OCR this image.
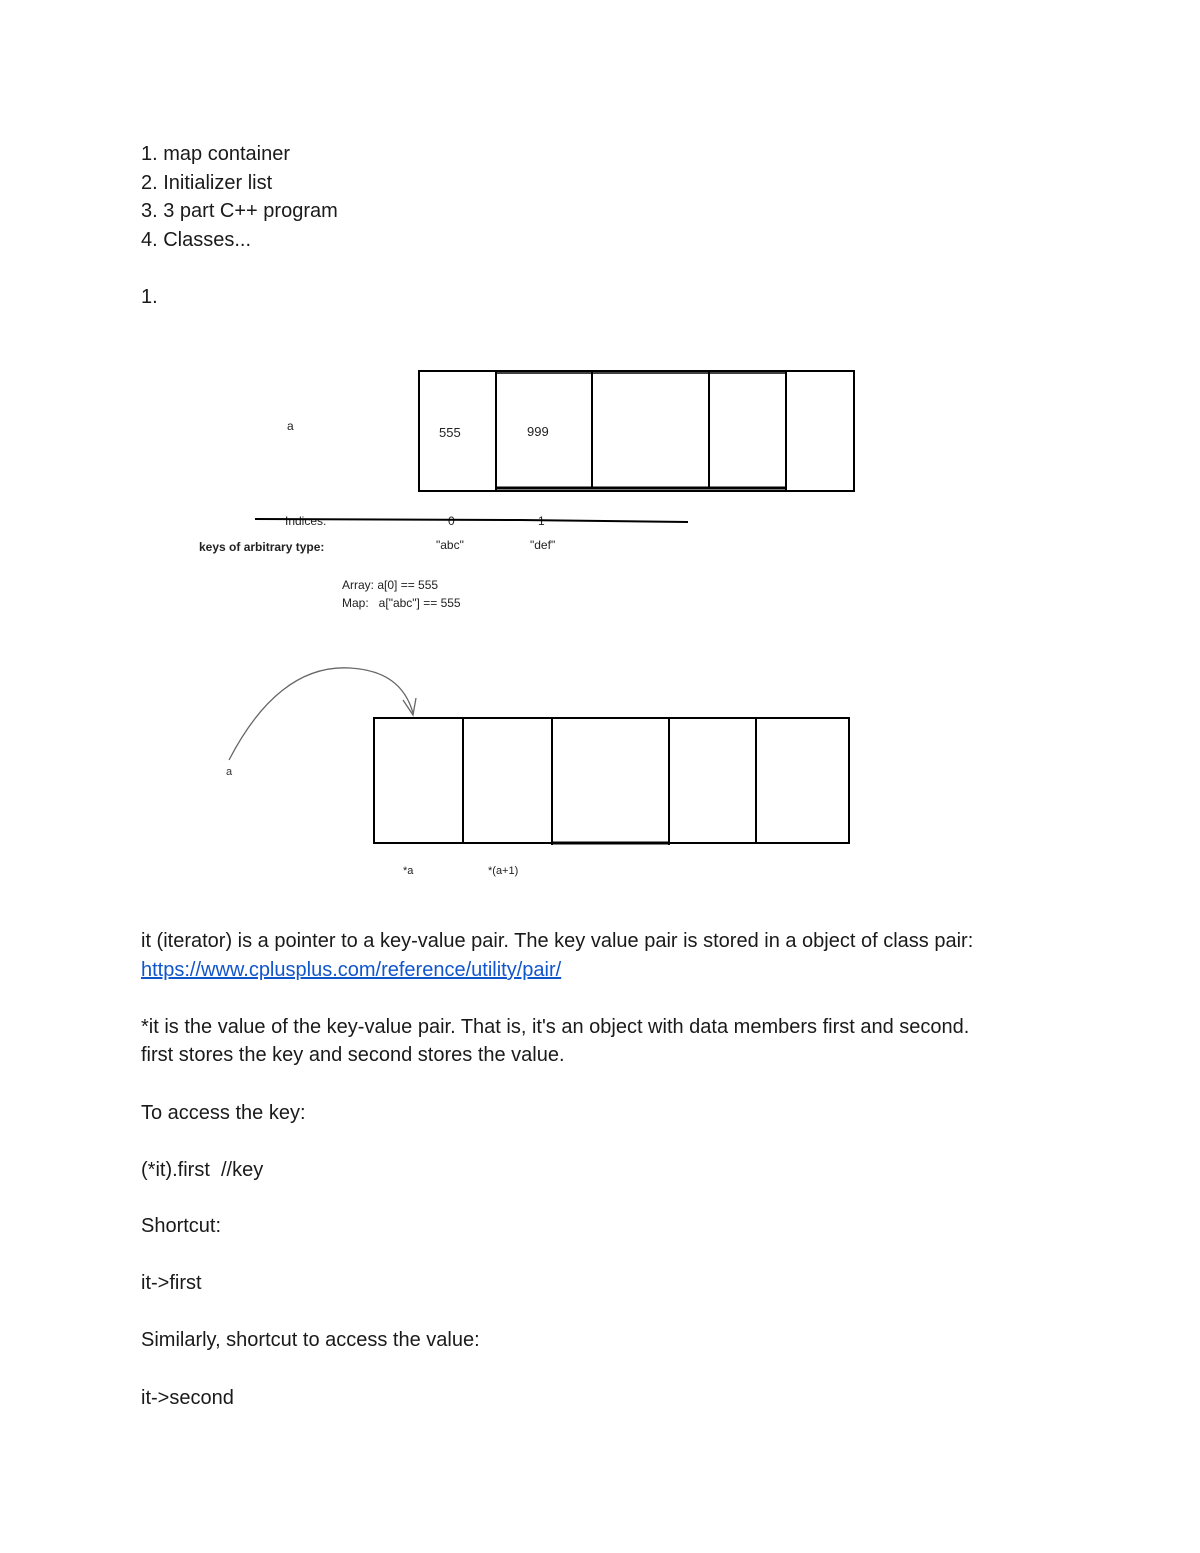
1. map container
2. Initializer list
3. 3 part C++ program
4. Classes...
1.
a	555	999
Indices:	0	1
keys of arbitrary type:	"abc"	"def"
Array: a[0] == 555
Map:   a["abc"] == 555
a
*a	*(a+1)
it (iterator) is a pointer to a key-value pair. The key value pair is stored in a object of class pair:
https://www.cplusplus.com/reference/utility/pair/
*it is the value of the key-value pair. That is, it's an object with data members first and second.
first stores the key and second stores the value.
To access the key:
(*it).first  //key
Shortcut:
it->first
Similarly, shortcut to access the value:
it->second
